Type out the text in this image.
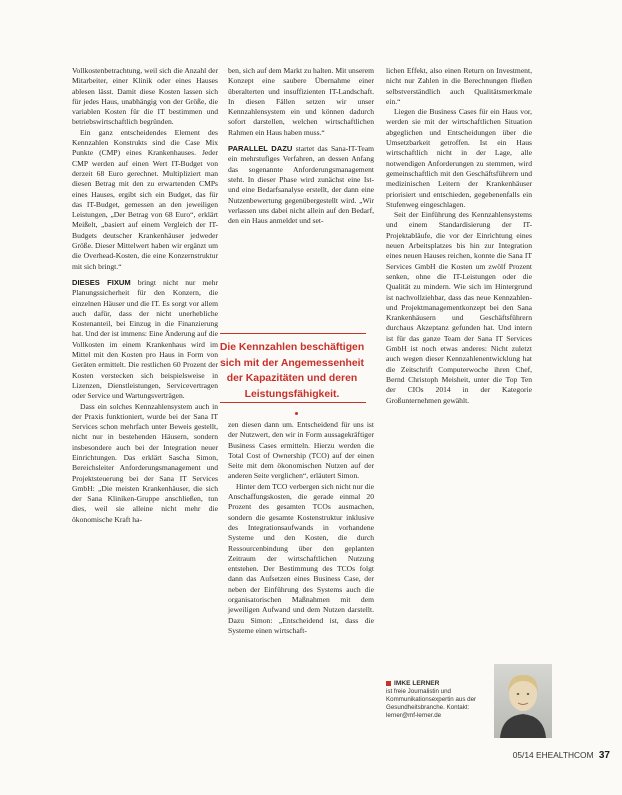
Vollkostenbetrachtung, weil sich die Anzahl der Mitarbeiter, einer Klinik oder eines Hauses ablesen lässt. Damit diese Kosten lassen sich für jedes Haus, unabhängig von der Größe, die variablen Kosten für die IT bestimmen und betriebswirtschaftlich begründen.

Ein ganz entscheidendes Element des Kennzahlen Konstrukts sind die Case Mix Punkte (CMP) eines Krankenhauses. Jeder CMP werden auf einen Wert IT-Budget von derzeit 68 Euro gerechnet. Multipliziert man diesen Betrag mit den zu erwartenden CMPs eines Hauses, ergibt sich ein Budget, das für das IT-Budget, gemessen an den jeweiligen Leistungen, „Der Betrag von 68 Euro“, erklärt Meißelt, „basiert auf einem Vergleich der IT-Budgets deutscher Krankenhäuser jedweder Größe. Dieser Mittelwert haben wir ergänzt um die Overhead-Kosten, die eine Konzernstruktur mit sich bringt.“

DIESES FIXUM bringt nicht nur mehr Planungssicherheit für den Konzern, die einzelnen Häuser und die IT. Es sorgt vor allem auch dafür, dass der nicht unerhebliche Kostenanteil, bei Einzug in die Finanzierung hat. Und der ist immens: Eine Änderung auf die Vollkosten im einem Krankenhaus wird im Mittel mit den Kosten pro Haus in Form von Geräten ermittelt. Die restlichen 60 Prozent der Kosten verstecken sich beispielsweise in Lizenzen, Dienstleistungen, Servicevertragen oder Service und Wartungsverträgen.

Dass ein solches Kennzahlensystem auch in der Praxis funktioniert, wurde bei der Sana IT Services schon mehrfach unter Beweis gestellt, nicht nur in bestehenden Häusern, sondern insbesondere auch bei der Integration neuer Einrichtungen. Das erklärt Sascha Simon, Bereichsleiter Anforderungsmanagement und Projektsteuerung bei der Sana IT Services GmbH: „Die meisten Krankenhäuser, die sich der Sana Kliniken-Gruppe anschließen, tun dies, weil sie alleine nicht mehr die ökonomische Kraft ha-

ben, sich auf dem Markt zu halten. Mit unserem Konzept eine saubere Übernahme einer überalterten und insuffizienten IT-Landschaft. In diesen Fällen setzen wir unser Kennzahlensystem ein und können dadurch sofort darstellen, welchen wirtschaftlichen Rahmen ein Haus haben muss.“

PARALLEL DAZU startet das Sana-IT-Team ein mehrstufiges Verfahren, an dessen Anfang das sogenannte Anforderungsmanagement steht. In dieser Phase wird zunächst eine Ist- und eine Bedarfsanalyse erstellt, der dann eine Nutzenbewertung gegenübergestellt wird. „Wir verlassen uns dabei nicht allein auf den Bedarf, den ein Haus anmeldet und set-

Die Kennzahlen beschäftigen sich mit der Angemessenheit der Kapazitäten und deren Leistungsfähigkeit.

zen diesen dann um. Entscheidend für uns ist der Nutzwert, den wir in Form aussagekräftiger Business Cases ermitteln. Hierzu werden die Total Cost of Ownership (TCO) auf der einen Seite mit dem ökonomischen Nutzen auf der anderen Seite verglichen“, erläutert Simon.

Hinter dem TCO verbergen sich nicht nur die Anschaffungskosten, die gerade einmal 20 Prozent des gesamten TCOs ausmachen, sondern die gesamte Kostenstruktur inklusive des Integrationsaufwands in vorhandene Systeme und den Kosten, die durch Ressourcenbindung über den geplanten Zeitraum der wirtschaftlichen Nutzung entstehen. Der Bestimmung des TCOs folgt dann das Aufsetzen eines Business Case, der neben der Einführung des Systems auch die organisatorischen Maßnahmen mit dem jeweiligen Aufwand und dem Nutzen darstellt. Dazu Simon: „Entscheidend ist, dass die Systeme einen wirtschaft-

lichen Effekt, also einen Return on Investment, nicht nur Zahlen in die Berechnungen fließen selbstverständlich auch Qualitätsmerkmale ein.“

Liegen die Business Cases für ein Haus vor, werden sie mit der wirtschaftlichen Situation abgeglichen und Entscheidungen über die Umsetzbarkeit getroffen. Ist ein Haus wirtschaftlich nicht in der Lage, alle notwendigen Anforderungen zu stemmen, wird gemeinschaftlich mit den Geschäftsführern und medizinischen Leitern der Krankenhäuser priorisiert und entschieden, gegebenenfalls ein Stufenweg eingeschlagen.

Seit der Einführung des Kennzahlensystems und einem Standardisierung der IT-Projektabläufe, die vor der Einrichtung eines neuen Arbeitsplatzes bis hin zur Integration eines neuen Hauses reichen, konnte die Sana IT Services GmbH die Kosten um zwölf Prozent senken, ohne die IT-Leistungen oder die Qualität zu mindern. Wie sich im Hintergrund ist nachvollziehbar, dass das neue Kennzahlen- und Projektmanagementkonzept bei den Sana Krankenhäusern und Geschäftsführern durchaus Akzeptanz gefunden hat. Und intern ist für das ganze Team der Sana IT Services GmbH ist noch etwas anderes: Nicht zuletzt auch wegen dieser Kennzahlenentwicklung hat die Zeitschrift Computerwoche ihren Chef, Bernd Christoph Meisheit, unter die Top Ten der CIOs 2014 in der Kategorie Großunternehmen gewählt.

IMKE LERNER
ist freie Journalistin und Kommunikationsexpertin aus der Gesundheitsbranche. Kontakt:
lerner@mf-lerner.de
05/14 EHEALTHCOM 37
